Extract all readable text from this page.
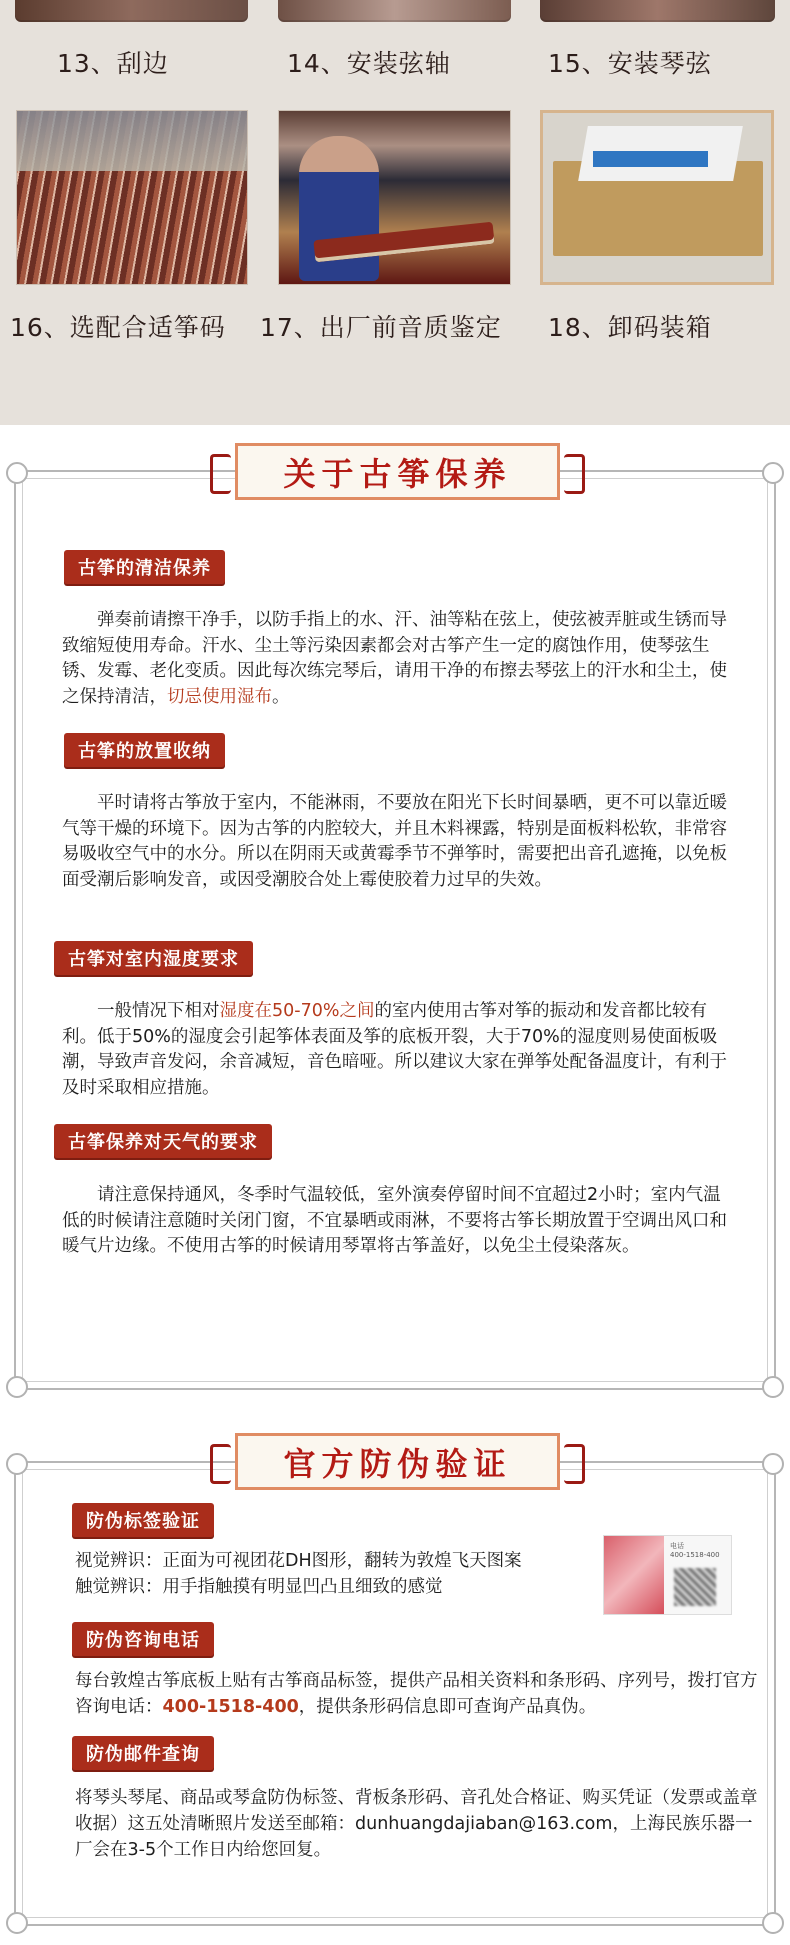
13、刮边	14、安装弦轴	15、安装琴弦
16、选配合适筝码 17、出厂前音质鉴定 18、卸码装箱
关于古筝保养
古筝的清洁保养

弹奏前请擦干净手，以防手指上的水、汗、油等粘在弦上，使弦被弄脏或生锈而导致缩短使用寿命。汗水、尘土等污染因素都会对古筝产生一定的腐蚀作用，使琴弦生锈、发霉、老化变质。因此每次练完琴后，请用干净的布擦去琴弦上的汗水和尘土，使之保持清洁，切忌使用湿布。

古筝的放置收纳

平时请将古筝放于室内，不能淋雨，不要放在阳光下长时间暴晒，更不可以靠近暖气等干燥的环境下。因为古筝的内腔较大，并且木料裸露，特别是面板料松软，非常容易吸收空气中的水分。所以在阴雨天或黄霉季节不弹筝时，需要把出音孔遮掩，以免板面受潮后影响发音，或因受潮胶合处上霉使胶着力过早的失效。

古筝对室内湿度要求

一般情况下相对湿度在50-70%之间的室内使用古筝对筝的振动和发音都比较有利。低于50%的湿度会引起筝体表面及筝的底板开裂，大于70%的湿度则易使面板吸潮，导致声音发闷，余音减短，音色暗哑。所以建议大家在弹筝处配备温度计，有利于及时采取相应措施。

古筝保养对天气的要求

请注意保持通风，冬季时气温较低，室外演奏停留时间不宜超过2小时；室内气温低的时候请注意随时关闭门窗，不宜暴晒或雨淋，不要将古筝长期放置于空调出风口和暖气片边缘。不使用古筝的时候请用琴罩将古筝盖好，以免尘土侵染落灰。

官方防伪验证
防伪标签验证

视觉辨识：正面为可视团花DH图形，翻转为敦煌飞天图案
触觉辨识：用手指触摸有明显凹凸且细致的感觉

电话
400-1518-400
防伪咨询电话

每台敦煌古筝底板上贴有古筝商品标签，提供产品相关资料和条形码、序列号，拨打官方咨询电话：400-1518-400，提供条形码信息即可查询产品真伪。

防伪邮件查询

将琴头琴尾、商品或琴盒防伪标签、背板条形码、音孔处合格证、购买凭证（发票或盖章收据）这五处清晰照片发送至邮箱：dunhuangdajiaban@163.com，上海民族乐器一厂会在3-5个工作日内给您回复。
